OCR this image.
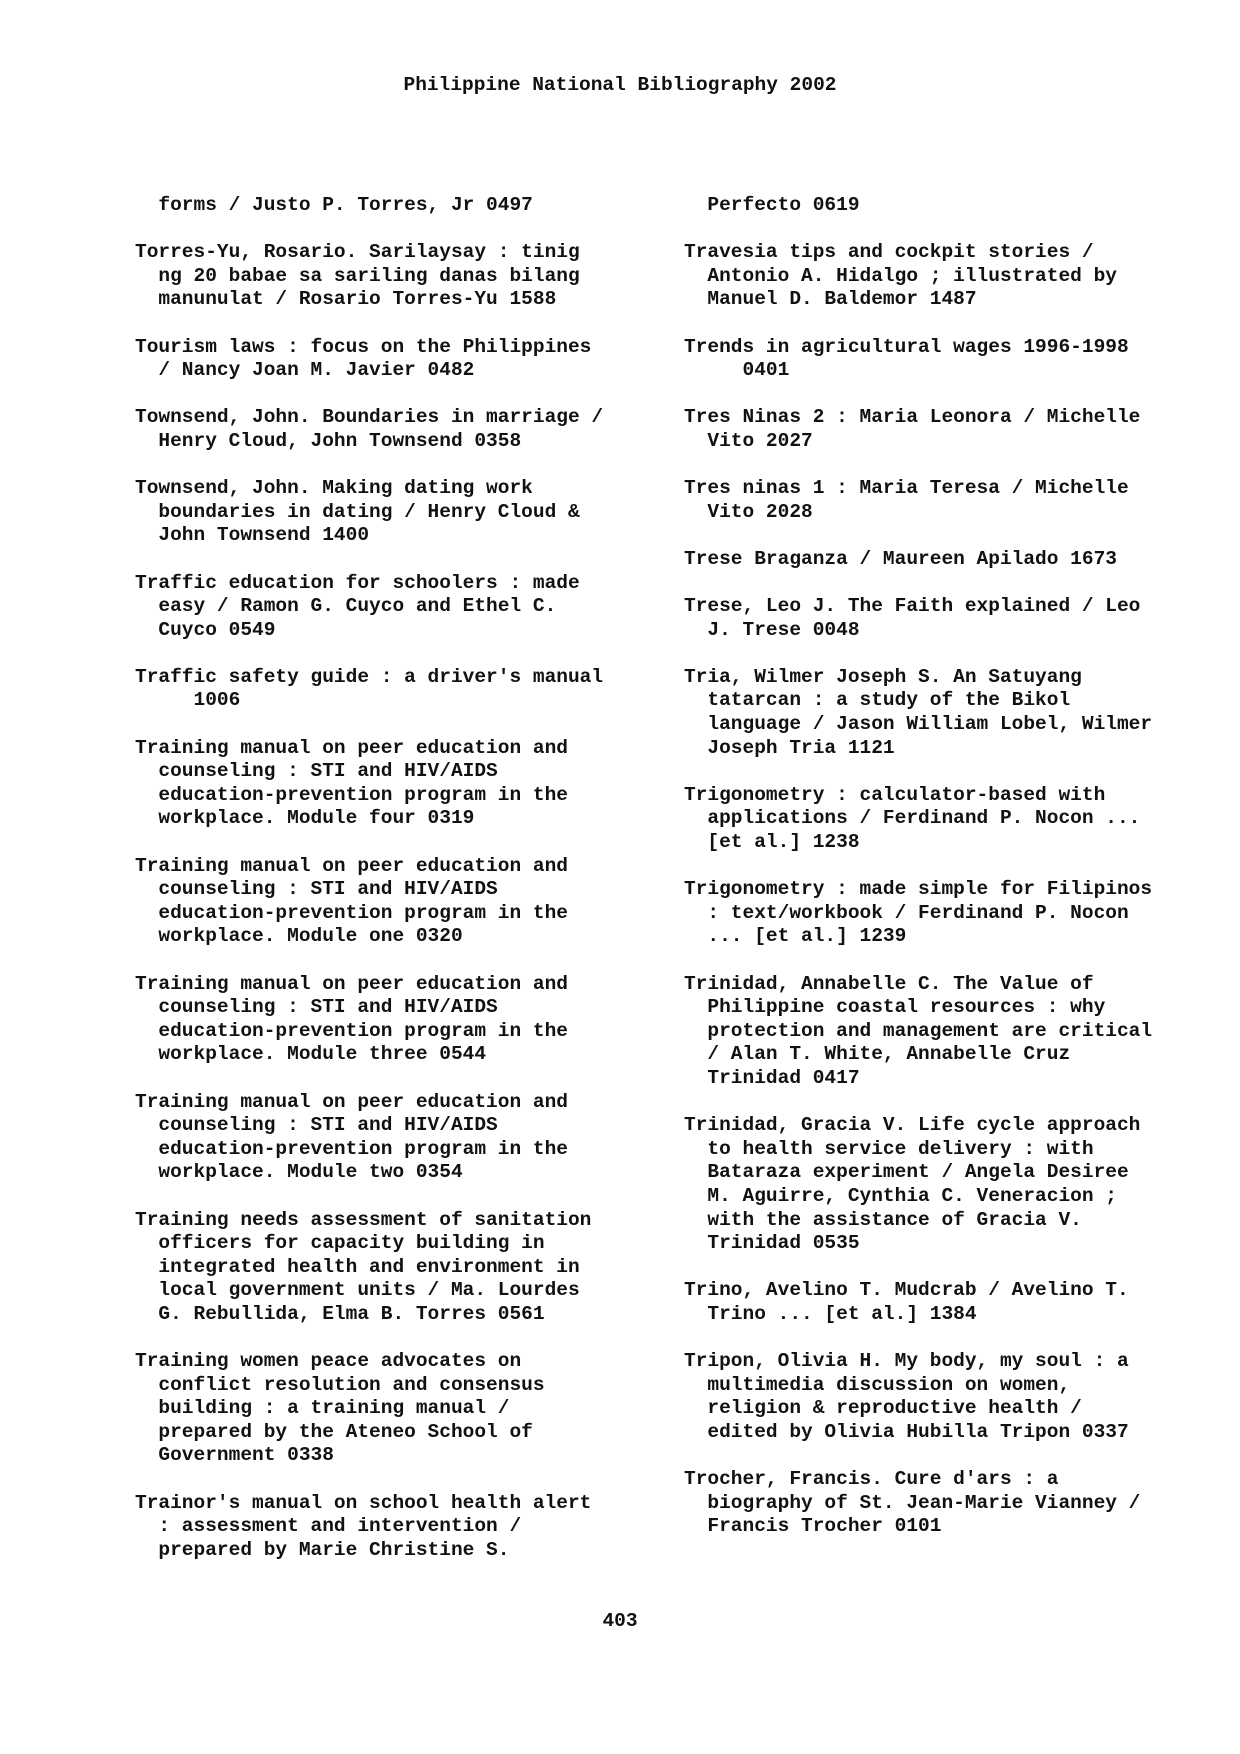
Philippine National Bibliography 2002
forms / Justo P. Torres, Jr 0497
Torres-Yu, Rosario. Sarilaysay : tinig
ng 20 babae sa sariling danas bilang
manunulat / Rosario Torres-Yu 1588
Tourism laws : focus on the Philippines
/ Nancy Joan M. Javier 0482
Townsend, John. Boundaries in marriage /
Henry Cloud, John Townsend 0358
Townsend, John. Making dating work
boundaries in dating / Henry Cloud &
John Townsend 1400
Traffic education for schoolers : made
easy / Ramon G. Cuyco and Ethel C.
Cuyco 0549
Traffic safety guide : a driver's manual
1006
Training manual on peer education and
counseling : STI and HIV/AIDS
education-prevention program in the
workplace. Module four 0319
Training manual on peer education and
counseling : STI and HIV/AIDS
education-prevention program in the
workplace. Module one 0320
Training manual on peer education and
counseling : STI and HIV/AIDS
education-prevention program in the
workplace. Module three 0544
Training manual on peer education and
counseling : STI and HIV/AIDS
education-prevention program in the
workplace. Module two 0354
Training needs assessment of sanitation
officers for capacity building in
integrated health and environment in
local government units / Ma. Lourdes
G. Rebullida, Elma B. Torres 0561
Training women peace advocates on
conflict resolution and consensus
building : a training manual /
prepared by the Ateneo School of
Government 0338
Trainor's manual on school health alert
: assessment and intervention /
prepared by Marie Christine S.
Perfecto 0619
Travesia tips and cockpit stories /
Antonio A. Hidalgo ; illustrated by
Manuel D. Baldemor 1487
Trends in agricultural wages 1996-1998
0401
Tres Ninas 2 : Maria Leonora / Michelle
Vito 2027
Tres ninas 1 : Maria Teresa / Michelle
Vito 2028
Trese Braganza / Maureen Apilado 1673
Trese, Leo J. The Faith explained / Leo
J. Trese 0048
Tria, Wilmer Joseph S. An Satuyang
tatarcan : a study of the Bikol
language / Jason William Lobel, Wilmer
Joseph Tria 1121
Trigonometry : calculator-based with
applications / Ferdinand P. Nocon ...
[et al.] 1238
Trigonometry : made simple for Filipinos
: text/workbook / Ferdinand P. Nocon
... [et al.] 1239
Trinidad, Annabelle C. The Value of
Philippine coastal resources : why
protection and management are critical
/ Alan T. White, Annabelle Cruz
Trinidad 0417
Trinidad, Gracia V. Life cycle approach
to health service delivery : with
Bataraza experiment / Angela Desiree
M. Aguirre, Cynthia C. Veneracion ;
with the assistance of Gracia V.
Trinidad 0535
Trino, Avelino T. Mudcrab / Avelino T.
Trino ... [et al.] 1384
Tripon, Olivia H. My body, my soul : a
multimedia discussion on women,
religion & reproductive health /
edited by Olivia Hubilla Tripon 0337
Trocher, Francis. Cure d'ars : a
biography of St. Jean-Marie Vianney /
Francis Trocher 0101
403
